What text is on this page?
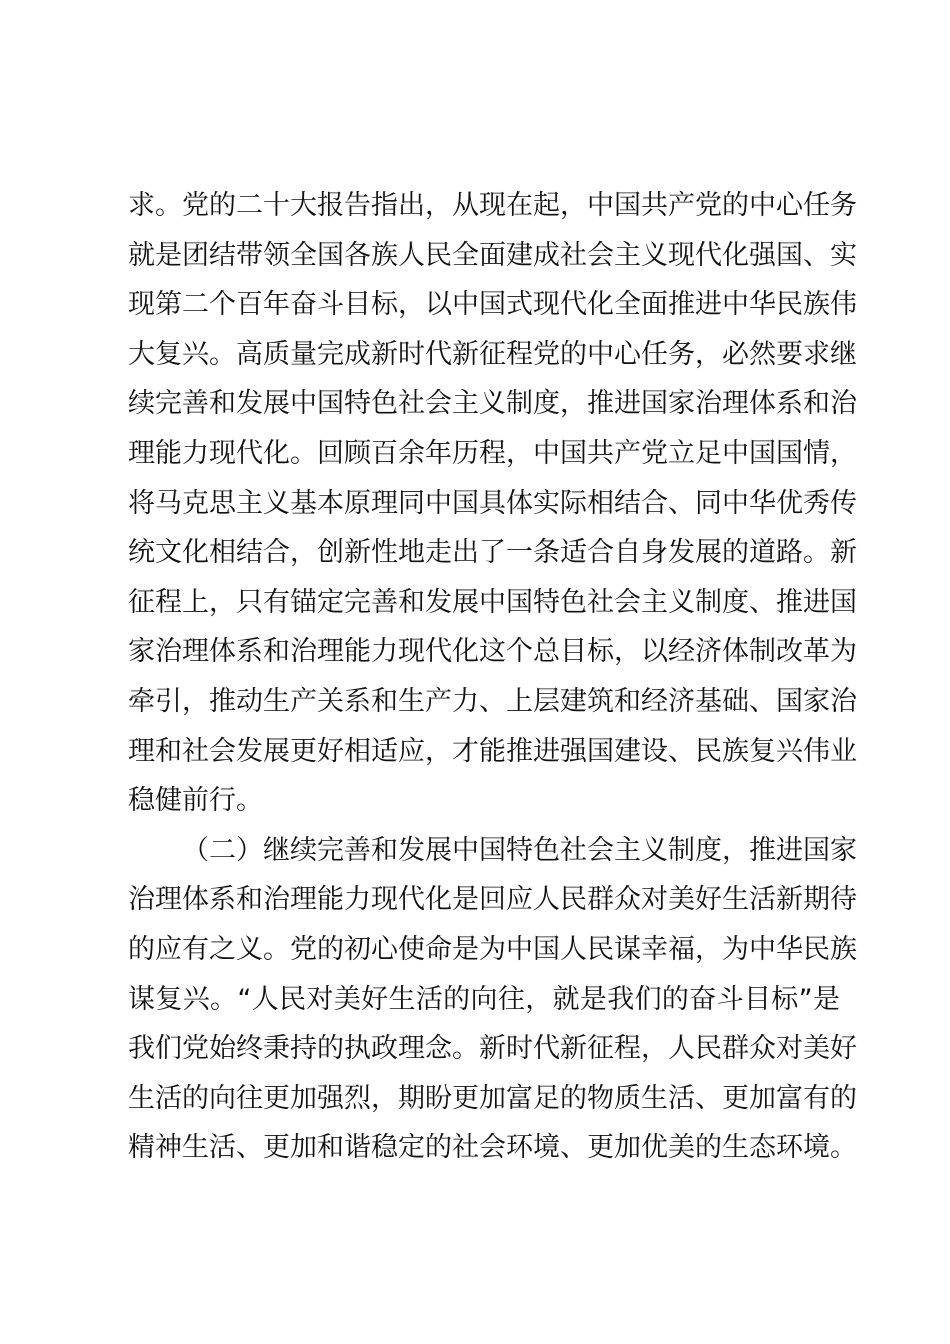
求。党的二十大报告指出，从现在起，中国共产党的中心任务
就是团结带领全国各族人民全面建成社会主义现代化强国、实
现第二个百年奋斗目标，以中国式现代化全面推进中华民族伟
大复兴。高质量完成新时代新征程党的中心任务，必然要求继
续完善和发展中国特色社会主义制度，推进国家治理体系和治
理能力现代化。回顾百余年历程，中国共产党立足中国国情，
将马克思主义基本原理同中国具体实际相结合、同中华优秀传
统文化相结合，创新性地走出了一条适合自身发展的道路。新
征程上，只有锚定完善和发展中国特色社会主义制度、推进国
家治理体系和治理能力现代化这个总目标，以经济体制改革为
牵引，推动生产关系和生产力、上层建筑和经济基础、国家治
理和社会发展更好相适应，才能推进强国建设、民族复兴伟业
稳健前行。
（二）继续完善和发展中国特色社会主义制度，推进国家
治理体系和治理能力现代化是回应人民群众对美好生活新期待
的应有之义。党的初心使命是为中国人民谋幸福，为中华民族
谋复兴。“人民对美好生活的向往，就是我们的奋斗目标”是
我们党始终秉持的执政理念。新时代新征程，人民群众对美好
生活的向往更加强烈，期盼更加富足的物质生活、更加富有的
精神生活、更加和谐稳定的社会环境、更加优美的生态环境。
